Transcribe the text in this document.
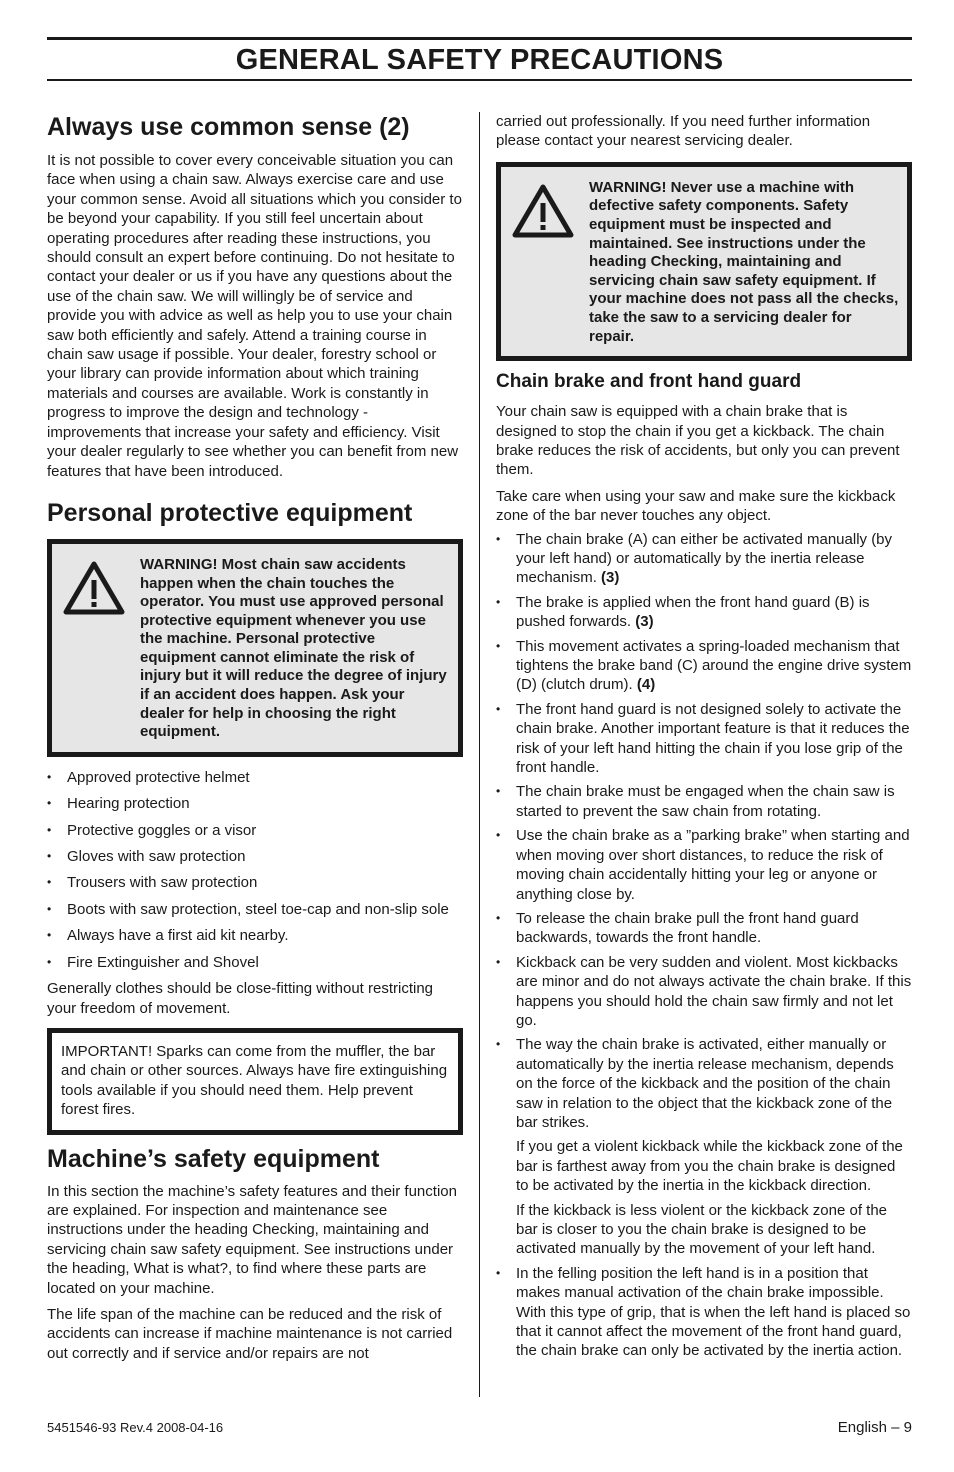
GENERAL SAFETY PRECAUTIONS
Always use common sense (2)

It is not possible to cover every conceivable situation you can face when using a chain saw. Always exercise care and use your common sense. Avoid all situations which you consider to be beyond your capability. If you still feel uncertain about operating procedures after reading these instructions, you should consult an expert before continuing. Do not hesitate to contact your dealer or us if you have any questions about the use of the chain saw. We will willingly be of service and provide you with advice as well as help you to use your chain saw both efficiently and safely. Attend a training course in chain saw usage if possible. Your dealer, forestry school or your library can provide information about which training materials and courses are available. Work is constantly in progress to improve the design and technology - improvements that increase your safety and efficiency. Visit your dealer regularly to see whether you can benefit from new features that have been introduced.

Personal protective equipment
WARNING! Most chain saw accidents happen when the chain touches the operator. You must use approved personal protective equipment whenever you use the machine. Personal protective equipment cannot eliminate the risk of injury but it will reduce the degree of injury if an accident does happen. Ask your dealer for help in choosing the right equipment.
• Approved protective helmet
• Hearing protection
• Protective goggles or a visor
• Gloves with saw protection
• Trousers with saw protection
• Boots with saw protection, steel toe-cap and non-slip sole
• Always have a first aid kit nearby.
• Fire Extinguisher and Shovel

Generally clothes should be close-fitting without restricting your freedom of movement.

IMPORTANT! Sparks can come from the muffler, the bar and chain or other sources. Always have fire extinguishing tools available if you should need them. Help prevent forest fires.

Machine’s safety equipment

In this section the machine’s safety features and their function are explained. For inspection and maintenance see instructions under the heading Checking, maintaining and servicing chain saw safety equipment. See instructions under the heading, What is what?, to find where these parts are located on your machine.

The life span of the machine can be reduced and the risk of accidents can increase if machine maintenance is not carried out correctly and if service and/or repairs are not

carried out professionally. If you need further information please contact your nearest servicing dealer.

WARNING! Never use a machine with defective safety components. Safety equipment must be inspected and maintained. See instructions under the heading Checking, maintaining and servicing chain saw safety equipment. If your machine does not pass all the checks, take the saw to a servicing dealer for repair.
Chain brake and front hand guard

Your chain saw is equipped with a chain brake that is designed to stop the chain if you get a kickback. The chain brake reduces the risk of accidents, but only you can prevent them.

Take care when using your saw and make sure the kickback zone of the bar never touches any object.

• The chain brake (A) can either be activated manually (by your left hand) or automatically by the inertia release mechanism. (3)
• The brake is applied when the front hand guard (B) is pushed forwards. (3)
• This movement activates a spring-loaded mechanism that tightens the brake band (C) around the engine drive system (D) (clutch drum). (4)
• The front hand guard is not designed solely to activate the chain brake. Another important feature is that it reduces the risk of your left hand hitting the chain if you lose grip of the front handle.
• The chain brake must be engaged when the chain saw is started to prevent the saw chain from rotating.
• Use the chain brake as a ”parking brake” when starting and when moving over short distances, to reduce the risk of moving chain accidentally hitting your leg or anyone or anything close by.
• To release the chain brake pull the front hand guard backwards, towards the front handle.
• Kickback can be very sudden and violent. Most kickbacks are minor and do not always activate the chain brake. If this happens you should hold the chain saw firmly and not let go.
• The way the chain brake is activated, either manually or automatically by the inertia release mechanism, depends on the force of the kickback and the position of the chain saw in relation to the object that the kickback zone of the bar strikes.

If you get a violent kickback while the kickback zone of the bar is farthest away from you the chain brake is designed to be activated by the inertia in the kickback direction.

If the kickback is less violent or the kickback zone of the bar is closer to you the chain brake is designed to be activated manually by the movement of your left hand.

• In the felling position the left hand is in a position that makes manual activation of the chain brake impossible. With this type of grip, that is when the left hand is placed so that it cannot affect the movement of the front hand guard, the chain brake can only be activated by the inertia action.
5451546-93 Rev.4 2008-04-16	English – 9
